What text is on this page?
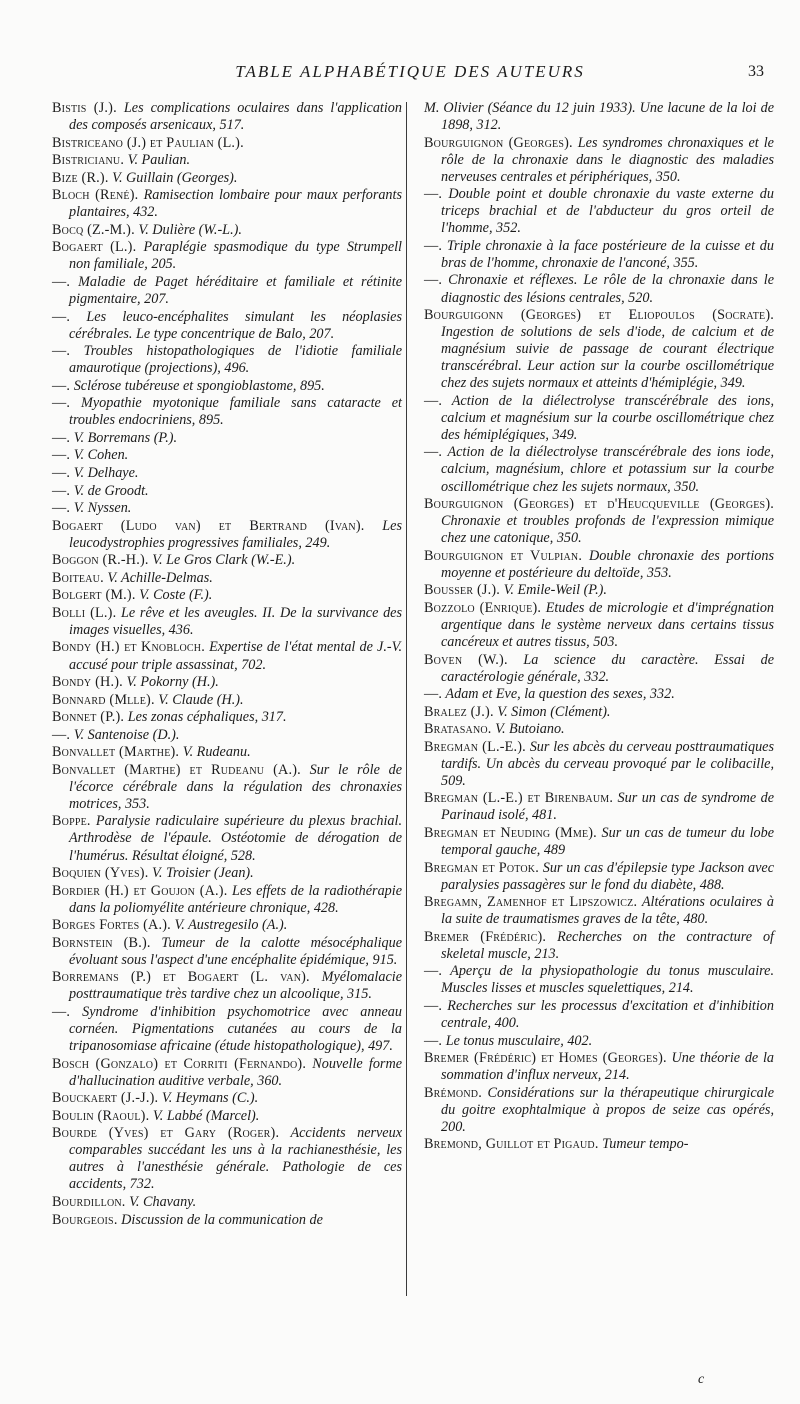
TABLE ALPHABÉTIQUE DES AUTEURS	33
Bistis (J.). Les complications oculaires dans l'application des composés arsenicaux, 517.
Bistriceano (J.) et Paulian (L.).
Bistricianu. V. Paulian.
Bize (R.). V. Guillain (Georges).
Bloch (René). Ramisection lombaire pour maux perforants plantaires, 432.
Bocq (Z.-M.). V. Dulière (W.-L.).
Bogaert (L.). Paraplégie spasmodique du type Strumpell non familiale, 205.
—. Maladie de Paget héréditaire et familiale et rétinite pigmentaire, 207.
—. Les leuco-encéphalites simulant les néoplasies cérébrales. Le type concentrique de Balo, 207.
—. Troubles histopathologiques de l'idiotie familiale amaurotique (projections), 496.
—. Sclérose tubéreuse et spongioblastome, 895.
—. Myopathie myotonique familiale sans cataracte et troubles endocriniens, 895.
—. V. Borremans (P.).
—. V. Cohen.
—. V. Delhaye.
—. V. de Groodt.
—. V. Nyssen.
Bogaert (Ludo van) et Bertrand (Ivan). Les leucodystrophies progressives familiales, 249.
Boggon (R.-H.). V. Le Gros Clark (W.-E.).
Boiteau. V. Achille-Delmas.
Bolgert (M.). V. Coste (F.).
Bolli (L.). Le rêve et les aveugles. II. De la survivance des images visuelles, 436.
Bondy (H.) et Knobloch. Expertise de l'état mental de J.-V. accusé pour triple assassinat, 702.
Bondy (H.). V. Pokorny (H.).
Bonnard (Mlle). V. Claude (H.).
Bonnet (P.). Les zonas céphaliques, 317.
—. V. Santenoise (D.).
Bonvallet (Marthe). V. Rudeanu.
Bonvallet (Marthe) et Rudeanu (A.). Sur le rôle de l'écorce cérébrale dans la régulation des chronaxies motrices, 353.
Boppe. Paralysie radiculaire supérieure du plexus brachial. Arthrodèse de l'épaule. Ostéotomie de dérogation de l'humérus. Résultat éloigné, 528.
Boquien (Yves). V. Troisier (Jean).
Bordier (H.) et Goujon (A.). Les effets de la radiothérapie dans la poliomyélite antérieure chronique, 428.
Borges Fortes (A.). V. Austregesilo (A.).
Bornstein (B.). Tumeur de la calotte mésocéphalique évoluant sous l'aspect d'une encéphalite épidémique, 915.
Borremans (P.) et Bogaert (L. van). Myélomalacie posttraumatique très tardive chez un alcoolique, 315.
—. Syndrome d'inhibition psychomotrice avec anneau cornéen. Pigmentations cutanées au cours de la tripanosomiase africaine (étude histopathologique), 497.
Bosch (Gonzalo) et Corriti (Fernando). Nouvelle forme d'hallucination auditive verbale, 360.
Bouckaert (J.-J.). V. Heymans (C.).
Boulin (Raoul). V. Labbé (Marcel).
Bourde (Yves) et Gary (Roger). Accidents nerveux comparables succédant les uns à la rachianesthésie, les autres à l'anesthésie générale. Pathologie de ces accidents, 732.
Bourdillon. V. Chavany.
Bourgeois. Discussion de la communication de
M. Olivier (Séance du 12 juin 1933). Une lacune de la loi de 1898, 312.
Bourguignon (Georges). Les syndromes chronaxiques et le rôle de la chronaxie dans le diagnostic des maladies nerveuses centrales et périphériques, 350.
—. Double point et double chronaxie du vaste externe du triceps brachial et de l'abducteur du gros orteil de l'homme, 352.
—. Triple chronaxie à la face postérieure de la cuisse et du bras de l'homme, chronaxie de l'anconé, 355.
—. Chronaxie et réflexes. Le rôle de la chronaxie dans le diagnostic des lésions centrales, 520.
Bourguigonn (Georges) et Eliopoulos (Socrate). Ingestion de solutions de sels d'iode, de calcium et de magnésium suivie de passage de courant électrique transcérébral. Leur action sur la courbe oscillométrique chez des sujets normaux et atteints d'hémiplégie, 349.
—. Action de la diélectrolyse transcérébrale des ions, calcium et magnésium sur la courbe oscillométrique chez des hémiplégiques, 349.
—. Action de la diélectrolyse transcérébrale des ions iode, calcium, magnésium, chlore et potassium sur la courbe oscillométrique chez les sujets normaux, 350.
Bourguignon (Georges) et d'Heucqueville (Georges). Chronaxie et troubles profonds de l'expression mimique chez une catonique, 350.
Bourguignon et Vulpian. Double chronaxie des portions moyenne et postérieure du deltoïde, 353.
Bousser (J.). V. Emile-Weil (P.).
Bozzolo (Enrique). Etudes de micrologie et d'imprégnation argentique dans le système nerveux dans certains tissus cancéreux et autres tissus, 503.
Boven (W.). La science du caractère. Essai de caractérologie générale, 332.
—. Adam et Eve, la question des sexes, 332.
Bralez (J.). V. Simon (Clément).
Bratasano. V. Butoiano.
Bregman (L.-E.). Sur les abcès du cerveau posttraumatiques tardifs. Un abcès du cerveau provoqué par le colibacille, 509.
Bregman (L.-E.) et Birenbaum. Sur un cas de syndrome de Parinaud isolé, 481.
Bregman et Neuding (Mme). Sur un cas de tumeur du lobe temporal gauche, 489
Bregman et Potok. Sur un cas d'épilepsie type Jackson avec paralysies passagères sur le fond du diabète, 488.
Bregamn, Zamenhof et Lipszowicz. Altérations oculaires à la suite de traumatismes graves de la tête, 480.
Bremer (Frédéric). Recherches on the contracture of skeletal muscle, 213.
—. Aperçu de la physiopathologie du tonus musculaire. Muscles lisses et muscles squelettiques, 214.
—. Recherches sur les processus d'excitation et d'inhibition centrale, 400.
—. Le tonus musculaire, 402.
Bremer (Frédéric) et Homes (Georges). Une théorie de la sommation d'influx nerveux, 214.
Brémond. Considérations sur la thérapeutique chirurgicale du goitre exophtalmique à propos de seize cas opérés, 200.
Bremond, Guillot et Pigaud. Tumeur tempo-
c
